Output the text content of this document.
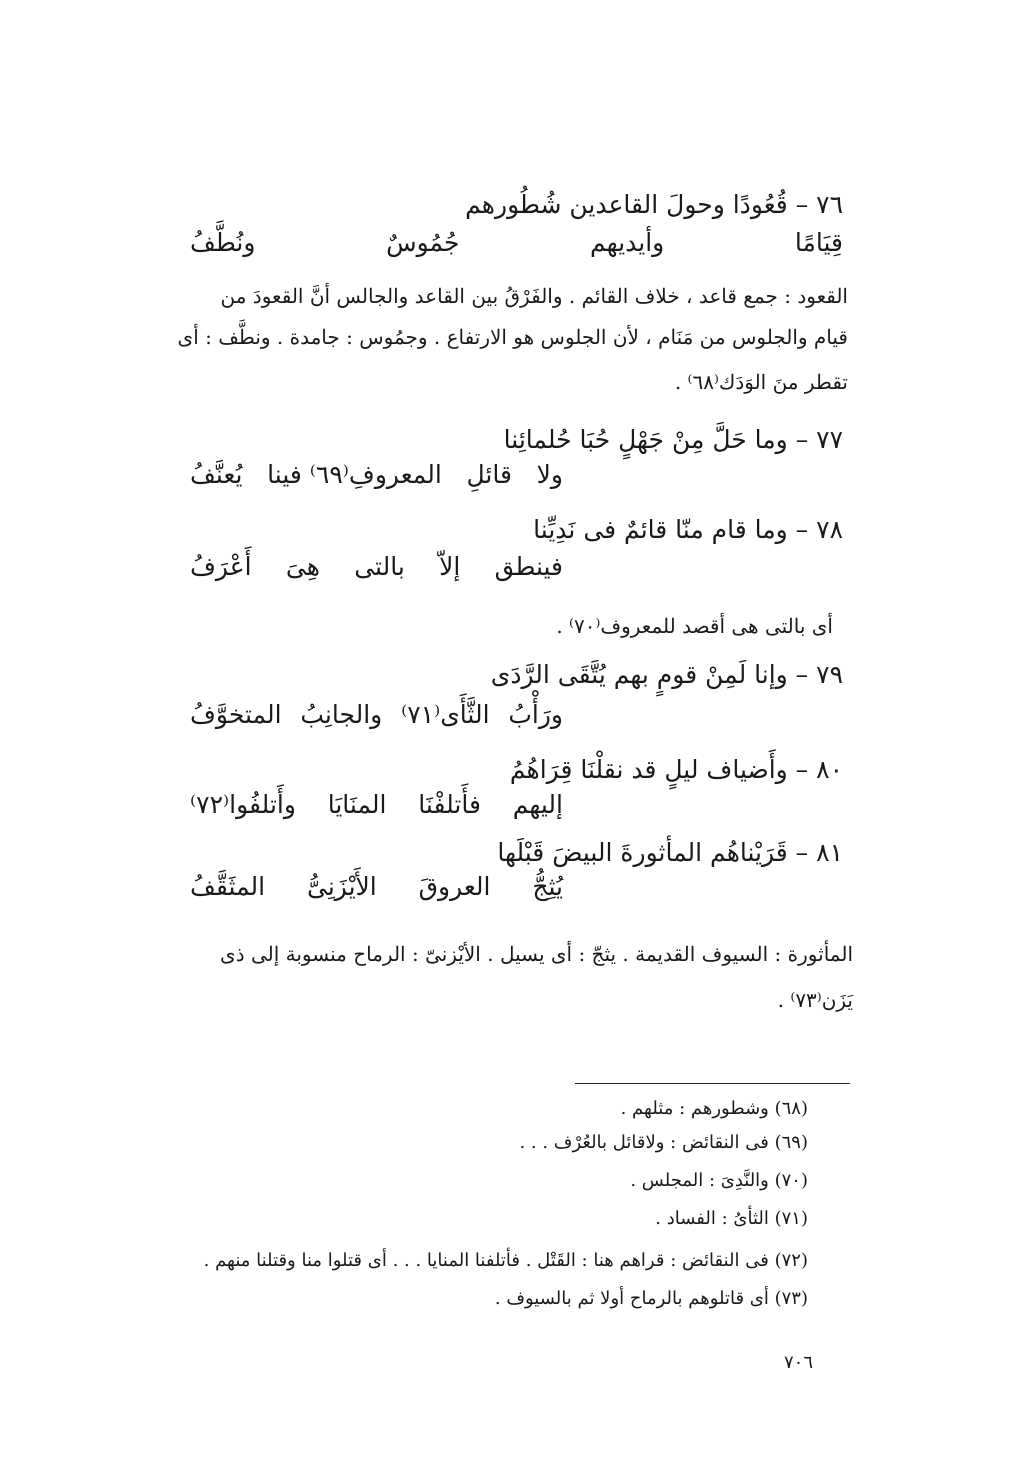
٧٦ – قُعُودًا وحولَ القاعدين شُطُورهم
قِيَامًا
وأيديهم
جُمُوسٌ
ونُطَّفُ
القعود : جمع قاعد ، خلاف القائم . والفَرْقُ بين القاعد والجالس أنَّ القعودَ من
قيام والجلوس من مَنَام ، لأن الجلوس هو الارتفاع . وجمُوس : جامدة . ونطَّف : أى
تقطر منَ الوَدَك⁽٦٨⁾ .
٧٧ – وما حَلَّ مِنْ جَهْلٍ حُبَا حُلمائِنا
ولا
قائلِ
المعروفِ⁽٦٩⁾ فينا
يُعنَّفُ
٧٨ – وما قام منّا قائمٌ فى نَدِيِّنا
فينطق
إلاّ
بالتى
هِىَ
أَعْرَفُ
أى بالتى هى أقصد للمعروف⁽٧٠⁾ .
٧٩ – وإنا لَمِنْ قومٍ بهم يُتَّقَى الرَّدَى
ورَأْبُ
الثَّأَى⁽٧١⁾
والجانِبُ
المتخوَّفُ
٨٠ – وأَضياف ليلٍ قد نقلْنَا قِرَاهُمُ
إليهم
فأَتلفْنَا
المنَايَا
وأَتلفُوا⁽٧٢⁾
٨١ – قَرَيْناهُم المأثورةَ البيضَ قَبْلَها
يُثِجُّ
العروقَ
الأَيْزَنِىُّ
المثَقَّفُ
المأثورة : السيوف القديمة . يثجّ : أى يسيل . الأيْزنىّ : الرماح منسوبة إلى ذى
يَزَن⁽٧٣⁾ .
(٦٨) وشطورهم : مثلهم .
(٦٩) فى النقائض : ولاقائل بالعُرْف . . .
(٧٠) والنَّدِىَ : المجلس .
(٧١) الثأىُ : الفساد .
(٧٢) فى النقائض : قراهم هنا : القَتْل . فأتلفنا المنايا . . . أى قتلوا منا وقتلنا منهم .
(٧٣) أى قاتلوهم بالرماح أولا ثم بالسيوف .
٧٠٦
